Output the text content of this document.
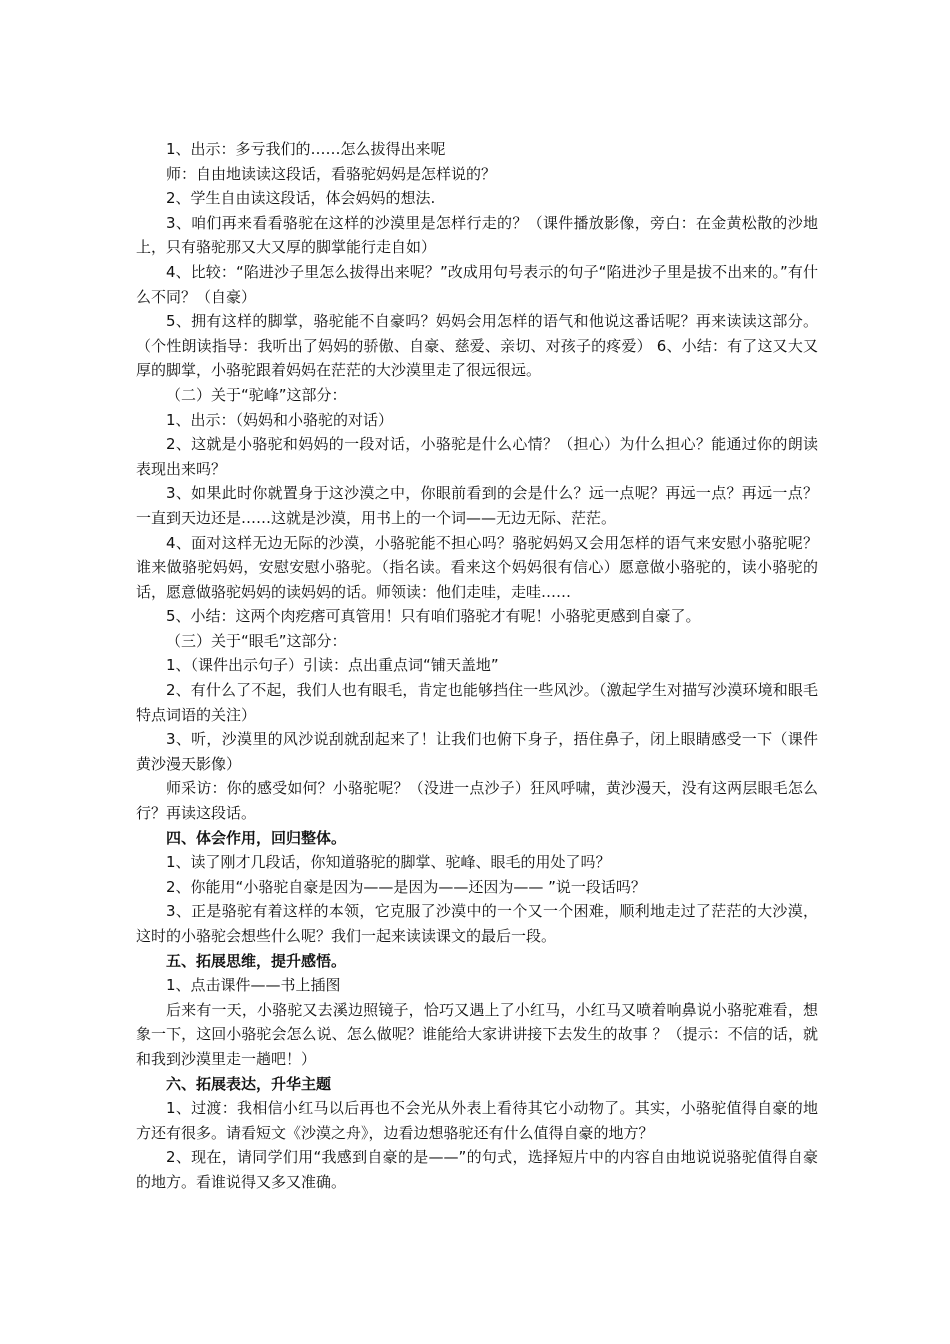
1、出示：多亏我们的……怎么拔得出来呢

师：自由地读读这段话，看骆驼妈妈是怎样说的？

2、学生自由读这段话，体会妈妈的想法.

3、咱们再来看看骆驼在这样的沙漠里是怎样行走的？（课件播放影像，旁白：在金黄松散的沙地上，只有骆驼那又大又厚的脚掌能行走自如）

4、比较：“陷进沙子里怎么拔得出来呢？”改成用句号表示的句子“陷进沙子里是拔不出来的。”有什么不同？（自豪）

5、拥有这样的脚掌，骆驼能不自豪吗？妈妈会用怎样的语气和他说这番话呢？再来读读这部分。（个性朗读指导：我听出了妈妈的骄傲、自豪、慈爱、亲切、对孩子的疼爱） 6、小结：有了这又大又厚的脚掌，小骆驼跟着妈妈在茫茫的大沙漠里走了很远很远。

（二）关于“驼峰”这部分：

1、出示：（妈妈和小骆驼的对话）

2、这就是小骆驼和妈妈的一段对话，小骆驼是什么心情？（担心）为什么担心？能通过你的朗读表现出来吗？

3、如果此时你就置身于这沙漠之中，你眼前看到的会是什么？远一点呢？再远一点？再远一点？一直到天边还是……这就是沙漠，用书上的一个词——无边无际、茫茫。

4、面对这样无边无际的沙漠，小骆驼能不担心吗？骆驼妈妈又会用怎样的语气来安慰小骆驼呢？谁来做骆驼妈妈，安慰安慰小骆驼。（指名读。看来这个妈妈很有信心）愿意做小骆驼的，读小骆驼的话，愿意做骆驼妈妈的读妈妈的话。师领读：他们走哇，走哇……

5、小结：这两个肉疙瘩可真管用！只有咱们骆驼才有呢！小骆驼更感到自豪了。

（三）关于“眼毛”这部分：

1、（课件出示句子）引读：点出重点词“铺天盖地”

2、有什么了不起，我们人也有眼毛，肯定也能够挡住一些风沙。（激起学生对描写沙漠环境和眼毛特点词语的关注）

3、听，沙漠里的风沙说刮就刮起来了！让我们也俯下身子，捂住鼻子，闭上眼睛感受一下（课件黄沙漫天影像）

师采访：你的感受如何？小骆驼呢？（没进一点沙子）狂风呼啸，黄沙漫天，没有这两层眼毛怎么行？再读这段话。

四、体会作用，回归整体。

1、读了刚才几段话，你知道骆驼的脚掌、驼峰、眼毛的用处了吗？

2、你能用“小骆驼自豪是因为——是因为——还因为—— ”说一段话吗？

3、正是骆驼有着这样的本领，它克服了沙漠中的一个又一个困难，顺利地走过了茫茫的大沙漠，这时的小骆驼会想些什么呢？我们一起来读读课文的最后一段。

五、拓展思维，提升感悟。

1、点击课件——书上插图

后来有一天，小骆驼又去溪边照镜子，恰巧又遇上了小红马，小红马又喷着响鼻说小骆驼难看，想象一下，这回小骆驼会怎么说、怎么做呢？谁能给大家讲讲接下去发生的故事 ？（提示：不信的话，就和我到沙漠里走一趟吧！）

六、拓展表达，升华主题

1、过渡：我相信小红马以后再也不会光从外表上看待其它小动物了。其实，小骆驼值得自豪的地方还有很多。请看短文《沙漠之舟》，边看边想骆驼还有什么值得自豪的地方？

2、现在，请同学们用“我感到自豪的是——”的句式，选择短片中的内容自由地说说骆驼值得自豪的地方。看谁说得又多又准确。
